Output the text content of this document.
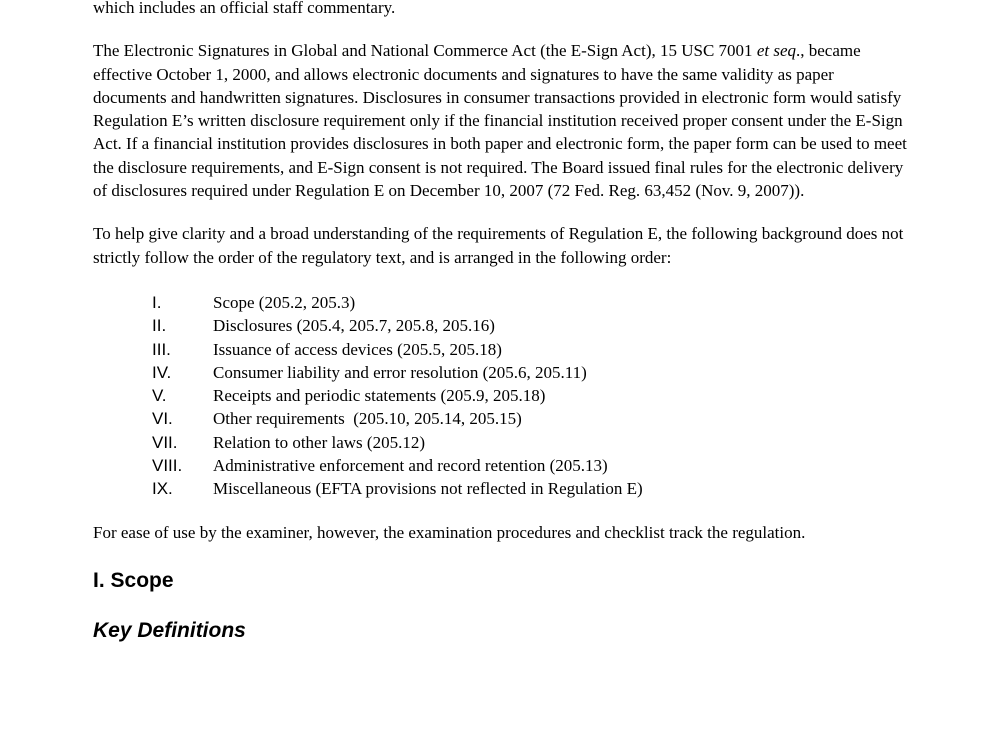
which includes an official staff commentary.

The Electronic Signatures in Global and National Commerce Act (the E-Sign Act), 15 USC 7001 et seq., became effective October 1, 2000, and allows electronic documents and signatures to have the same validity as paper documents and handwritten signatures. Disclosures in consumer transactions provided in electronic form would satisfy Regulation E’s written disclosure requirement only if the financial institution received proper consent under the E-Sign Act. If a financial institution provides disclosures in both paper and electronic form, the paper form can be used to meet the disclosure requirements, and E-Sign consent is not required. The Board issued final rules for the electronic delivery of disclosures required under Regulation E on December 10, 2007 (72 Fed. Reg. 63,452 (Nov. 9, 2007)).

To help give clarity and a broad understanding of the requirements of Regulation E, the following background does not strictly follow the order of the regulatory text, and is arranged in the following order:

I.	Scope (205.2, 205.3)
II.	Disclosures (205.4, 205.7, 205.8, 205.16)
III.	Issuance of access devices (205.5, 205.18)
IV.	Consumer liability and error resolution (205.6, 205.11)
V.	Receipts and periodic statements (205.9, 205.18)
VI.	Other requirements  (205.10, 205.14, 205.15)
VII.	Relation to other laws (205.12)
VIII.	Administrative enforcement and record retention (205.13)
IX.	Miscellaneous (EFTA provisions not reflected in Regulation E)

For ease of use by the examiner, however, the examination procedures and checklist track the regulation.

I. Scope
Key Definitions
